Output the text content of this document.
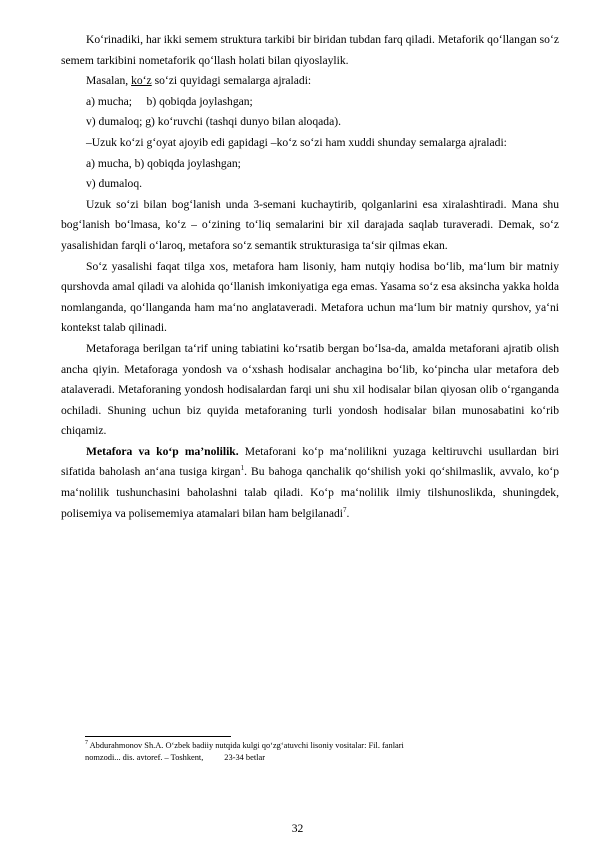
Ko‘rinadiki, har ikki semem struktura tarkibi bir biridan tubdan farq qiladi. Metaforik qo‘llangan so‘z semem tarkibini nometaforik qo‘llash holati bilan qiyoslaylik.

Masalan, ko‘z so‘zi quyidagi semalarga ajraladi:

a) mucha;     b) qobiqda joylashgan;

v) dumaloq; g) ko‘ruvchi (tashqi dunyo bilan aloqada).

–Uzuk ko‘zi g‘oyat ajoyib edi gapidagi –ko‘z so‘zi ham xuddi shunday semalarga ajraladi:

a) mucha, b) qobiqda joylashgan;

v) dumaloq.

Uzuk so‘zi bilan bog‘lanish unda 3-semani kuchaytirib, qolganlarini esa xiralashtiradi. Mana shu bog‘lanish bo‘lmasa, ko‘z – o‘zining to‘liq semalarini bir xil darajada saqlab turaveradi. Demak, so‘z yasalishidan farqli o‘laroq, metafora so‘z semantik strukturasiga ta‘sir qilmas ekan.

So‘z yasalishi faqat tilga xos, metafora ham lisoniy, ham nutqiy hodisa bo‘lib, ma‘lum bir matniy qurshovda amal qiladi va alohida qo‘llanish imkoniyatiga ega emas. Yasama so‘z esa aksincha yakka holda nomlanganda, qo‘llanganda ham ma‘no anglataveradi. Metafora uchun ma‘lum bir matniy qurshov, ya‘ni kontekst talab qilinadi.

Metaforaga berilgan ta‘rif uning tabiatini ko‘rsatib bergan bo‘lsa-da, amalda metaforani ajratib olish ancha qiyin. Metaforaga yondosh va o‘xshash hodisalar anchagina bo‘lib, ko‘pincha ular metafora deb atalaveradi. Metaforaning yondosh hodisalardan farqi uni shu xil hodisalar bilan qiyosan olib o‘rganganda ochiladi. Shuning uchun biz quyida metaforaning turli yondosh hodisalar bilan munosabatini ko‘rib chiqamiz.

Metafora va ko‘p ma’nolilik. Metaforani ko‘p ma‘nolilikni yuzaga keltiruvchi usullardan biri sifatida baholash an‘ana tusiga kirgan$^1$. Bu bahoga qanchalik qo‘shilish yoki qo‘shilmaslik, avvalo, ko‘p ma‘nolilik tushunchasini baholashni talab qiladi. Ko‘p ma‘nolilik ilmiy tilshunoslikda, shuningdek, polisemiya va polisememiya atamalari bilan ham belgilanadi$^7$.

$^7$ Abdurahmonov Sh.A. O‘zbek badiiy nutqida kulgi qo‘zg‘atuvchi lisoniy vositalar: Fil. fanlari
nomzodi... dis. avtoref. – Toshkent,          23-34 betlar
32
